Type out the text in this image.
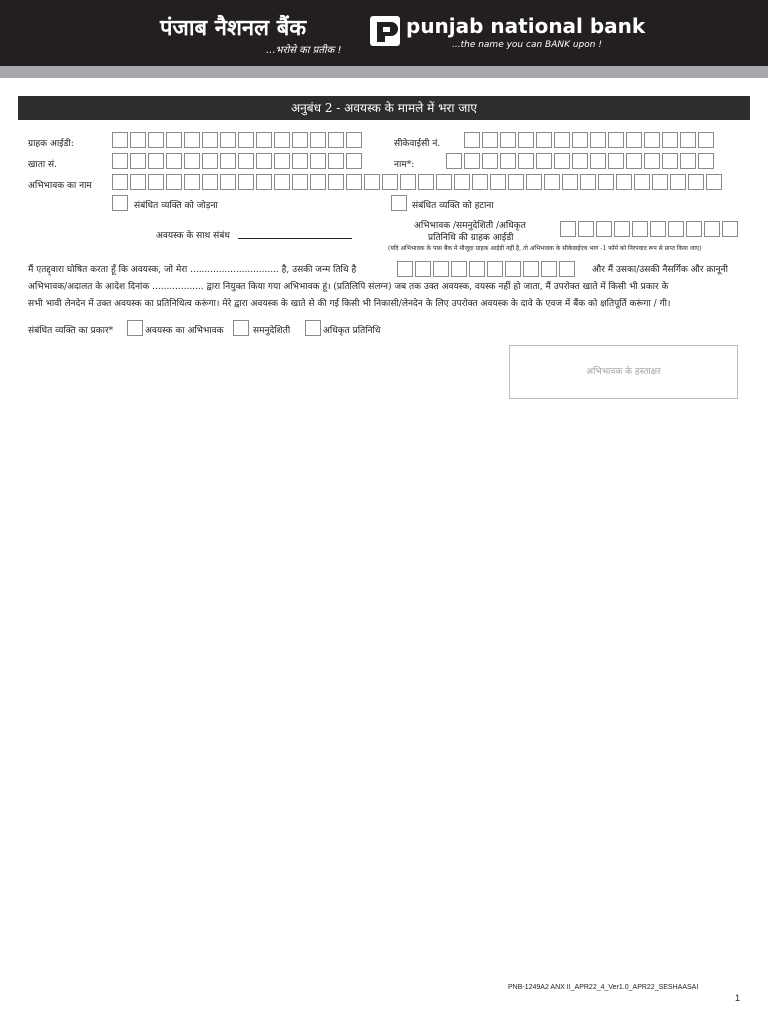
पंजाब नैशनल बैंक
...भरोसे का प्रतीक !
punjab national bank
...the name you can BANK upon !
अनुबंध 2 - अवयस्क के मामले में भरा जाए
ग्राहक आईडी:	सीकेवाईसी नं.
खाता सं.	नाम*:
अभिभावक का नाम
संबंधित व्यक्ति को जोड़ना	संबंधित व्यक्ति को हटाना
अवयस्क के साथ संबंध
अभिभावक /समनुदेशिती /अधिकृत
प्रतिनिधि की ग्राहक आईडी
(यदि अभिभावक के पास बैंक में मौजूदा ग्राहक आईडी नहीं है, तो अभिभावक के सीकेवाईएच भाग -1 फॉर्म को निरपवाद रूप से प्राप्त किया जाए)
मैं एतद्द्वारा घोषित करता हूँ कि अवयस्क, जो मेरा ............................... है, उसकी जन्म तिथि है	और मैं उसका/उसकी नैसर्गिक और क़ानूनी
अभिभावक/अदालत के आदेश दिनांक .................. द्वारा नियुक्त किया गया अभिभावक हूं। (प्रतिलिपि संलग्न) जब तक उक्त अवयस्क, वयस्क नहीं हो जाता, मैं उपरोक्त खाते में किसी भी प्रकार के
सभी भावी लेनदेन में उक्त अवयस्क का प्रतिनिधित्व करूंगा। मेरे द्वारा अवयस्क के खाते से की गई किसी भी निकासी/लेनदेन के लिए उपरोक्त अवयस्क के दावे के एवज में बैंक को क्षतिपूर्ति करूंगा / गी।
संबंधित व्यक्ति का प्रकार*	अवयस्क का अभिभावक	समनुदेशिती	अधिकृत प्रतिनिधि
अभिभावक के हस्ताक्षर
PNB-1249A2 ANX II_APR22_4_Ver1.0_APR22_SESHAASAI
1
